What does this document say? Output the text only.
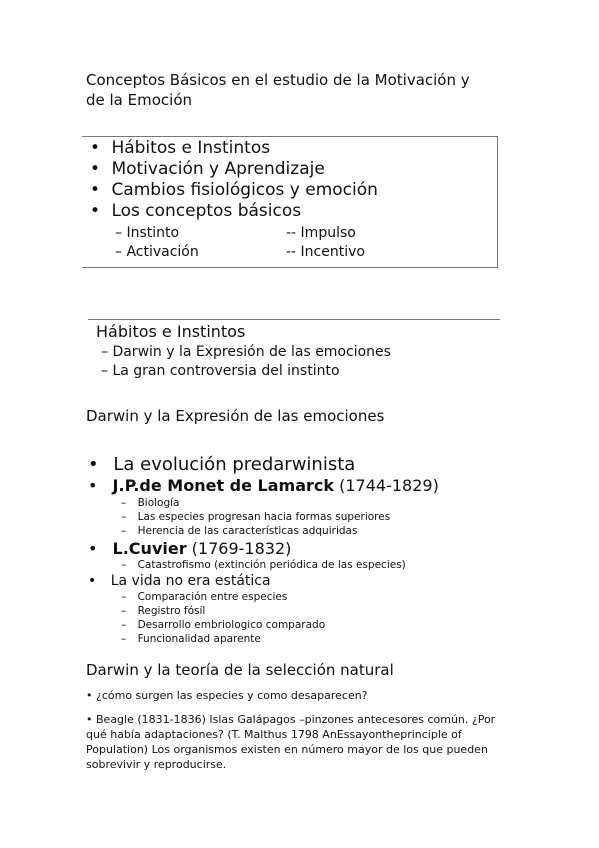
Conceptos Básicos en el estudio de la Motivación y
de la Emoción
• Hábitos e Instintos
• Motivación y Aprendizaje
• Cambios fisiológicos y emoción
• Los conceptos básicos
– Instinto
– Activación
-- Impulso
-- Incentivo
Hábitos e Instintos
– Darwin y la Expresión de las emociones
– La gran controversia del instinto
Darwin y la Expresión de las emociones
• La evolución predarwinista
• J.P.de Monet de Lamarck (1744-1829)
– Biología
– Las especies progresan hacia formas superiores
– Herencia de las características adquiridas
• L.Cuvier (1769-1832)
– Catastrofismo (extinción periódica de las especies)
• La vida no era estática
– Comparación entre especies
– Registro fósil
– Desarrollo embriologico comparado
– Funcionalidad aparente
Darwin y la teoría de la selección natural
• ¿cómo surgen las especies y como desaparecen?
• Beagle (1831-1836) Islas Galápagos –pinzones antecesores común. ¿Por
qué había adaptaciones? (T. Malthus 1798 AnEssayontheprinciple of
Population) Los organismos existen en número mayor de los que pueden
sobrevivir y reproducirse.
